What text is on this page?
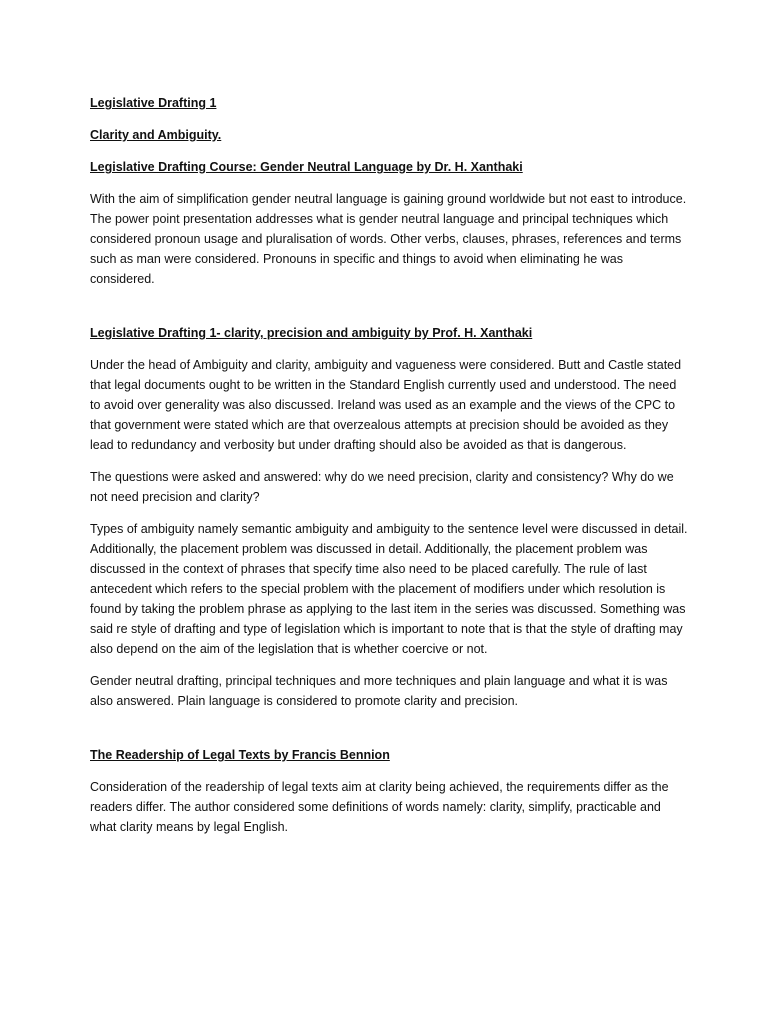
Legislative Drafting 1
Clarity and Ambiguity.
Legislative Drafting Course: Gender Neutral Language by Dr. H. Xanthaki

With the aim of simplification gender neutral language is gaining ground worldwide but not east to introduce. The power point presentation addresses what is gender neutral language and principal techniques which considered pronoun usage and pluralisation of words. Other verbs, clauses, phrases, references and terms such as man were considered. Pronouns in specific and things to avoid when eliminating he was considered.

Legislative Drafting 1- clarity, precision and ambiguity by Prof. H. Xanthaki

Under the head of Ambiguity and clarity, ambiguity and vagueness were considered. Butt and Castle stated that legal documents ought to be written in the Standard English currently used and understood. The need to avoid over generality was also discussed. Ireland was used as an example and the views of the CPC to that government were stated which are that overzealous attempts at precision should be avoided as they lead to redundancy and verbosity but under drafting should also be avoided as that is dangerous.

The questions were asked and answered: why do we need precision, clarity and consistency? Why do we not need precision and clarity?

Types of ambiguity namely semantic ambiguity and ambiguity to the sentence level were discussed in detail. Additionally, the placement problem was discussed in detail. Additionally, the placement problem was discussed in the context of phrases that specify time also need to be placed carefully. The rule of last antecedent which refers to the special problem with the placement of modifiers under which resolution is found by taking the problem phrase as applying to the last item in the series was discussed. Something was said re style of drafting and type of legislation which is important to note that is that the style of drafting may also depend on the aim of the legislation that is whether coercive or not.

Gender neutral drafting, principal techniques and more techniques and plain language and what it is was also answered. Plain language is considered to promote clarity and precision.

The Readership of Legal Texts by Francis Bennion

Consideration of the readership of legal texts aim at clarity being achieved, the requirements differ as the readers differ. The author considered some definitions of words namely: clarity, simplify, practicable and what clarity means by legal English.
